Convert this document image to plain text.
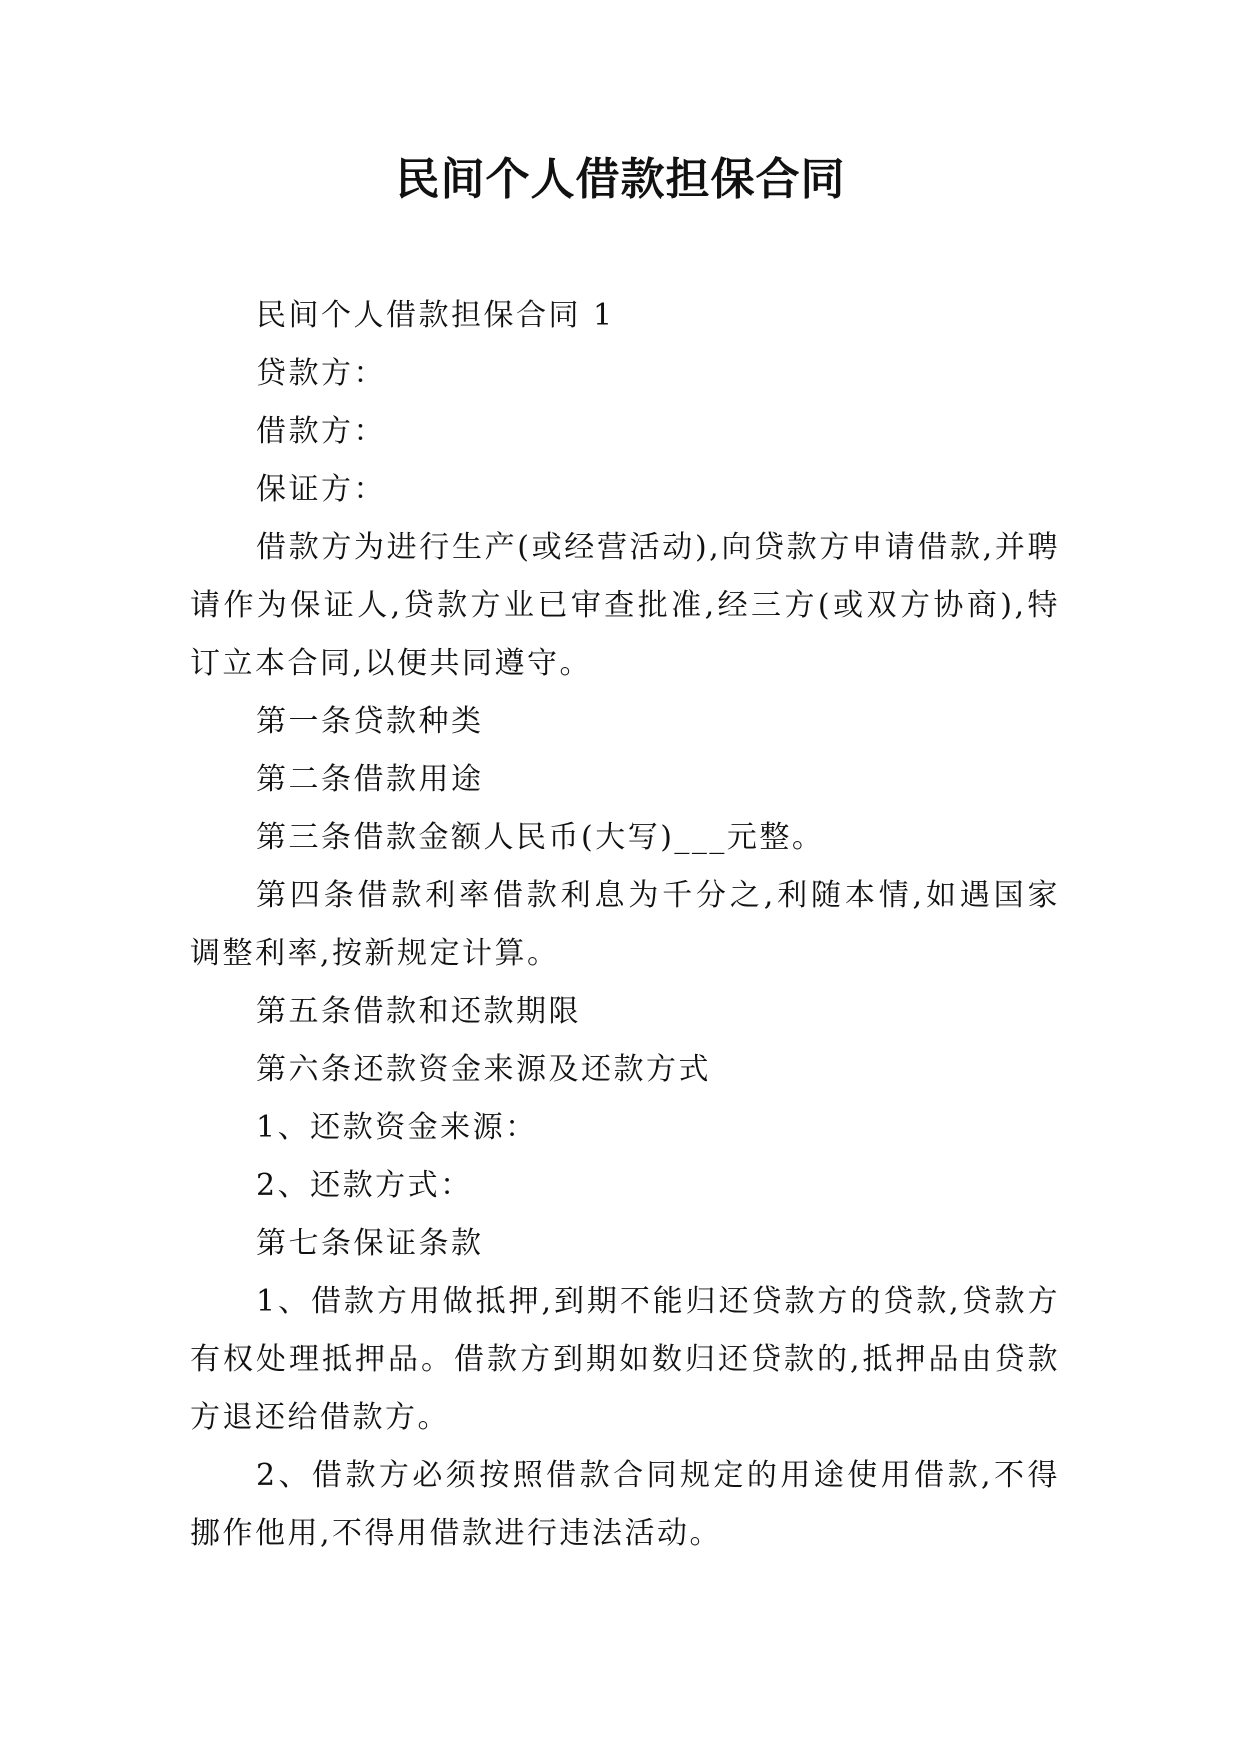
民间个人借款担保合同

民间个人借款担保合同 1

贷款方：

借款方：

保证方：

借款方为进行生产(或经营活动),向贷款方申请借款,并聘请作为保证人,贷款方业已审查批准,经三方(或双方协商),特订立本合同,以便共同遵守。

第一条贷款种类

第二条借款用途

第三条借款金额人民币(大写)___元整。

第四条借款利率借款利息为千分之,利随本情,如遇国家调整利率,按新规定计算。

第五条借款和还款期限

第六条还款资金来源及还款方式

1、还款资金来源：

2、还款方式：

第七条保证条款

1、借款方用做抵押,到期不能归还贷款方的贷款,贷款方有权处理抵押品。借款方到期如数归还贷款的,抵押品由贷款方退还给借款方。

2、借款方必须按照借款合同规定的用途使用借款,不得挪作他用,不得用借款进行违法活动。
